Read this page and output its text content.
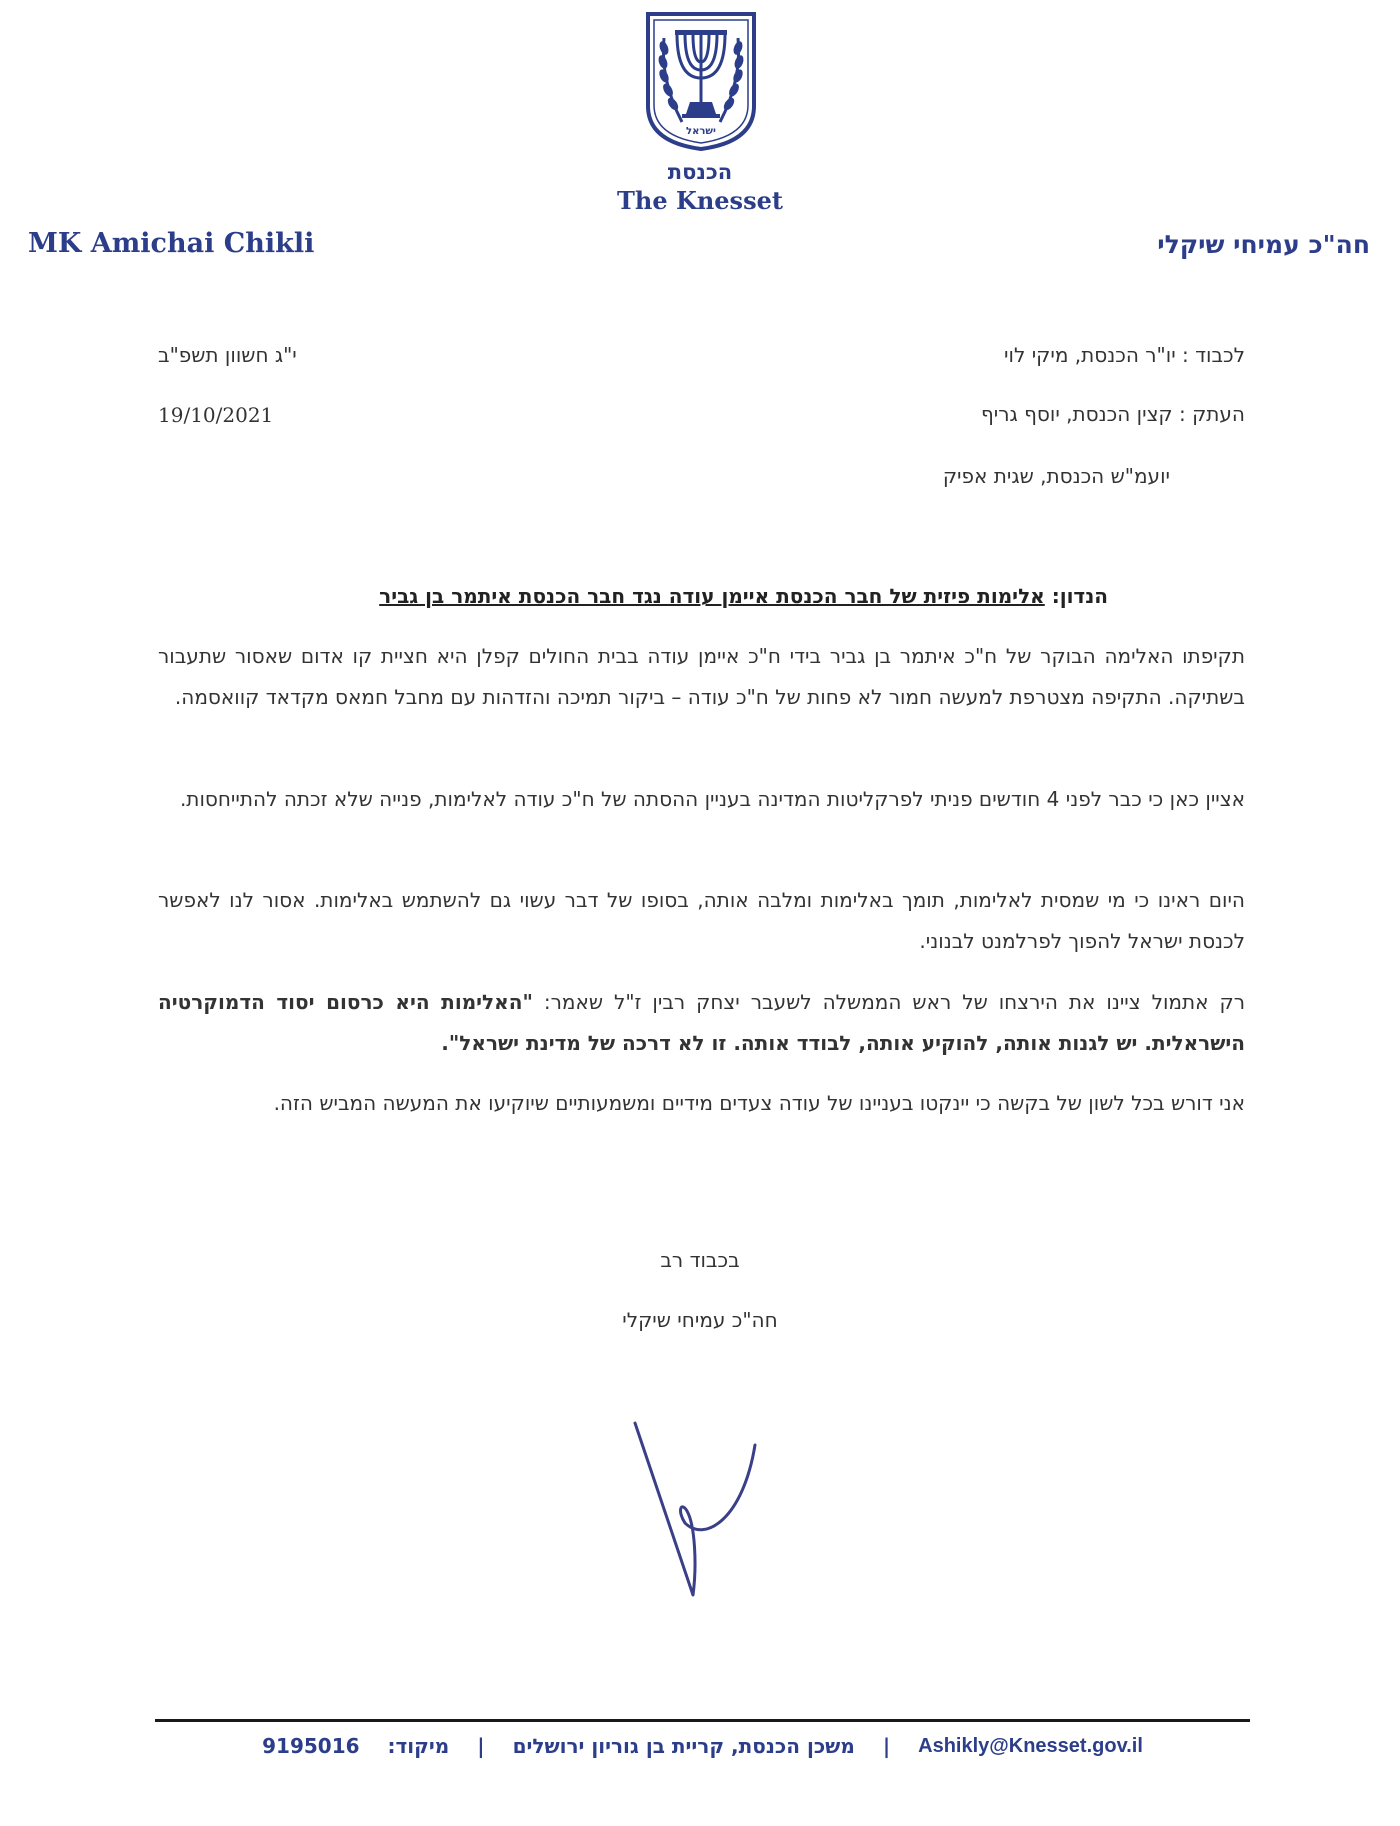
ישראל
הכנסת
The Knesset
MK Amichai Chikli	חה"כ עמיחי שיקלי
לכבוד : יו"ר הכנסת, מיקי לוי
העתק : קצין הכנסת, יוסף גריף
יועמ"ש הכנסת, שגית אפיק
י"ג חשוון תשפ"ב
19/10/2021
הנדון: אלימות פיזית של חבר הכנסת איימן עודה נגד חבר הכנסת איתמר בן גביר
תקיפתו האלימה הבוקר של ח"כ איתמר בן גביר בידי ח"כ איימן עודה בבית החולים קפלן היא חציית קו אדום שאסור שתעבור בשתיקה. התקיפה מצטרפת למעשה חמור לא פחות של ח"כ עודה – ביקור תמיכה והזדהות עם מחבל חמאס מקדאד קוואסמה.
אציין כאן כי כבר לפני 4 חודשים פניתי לפרקליטות המדינה בעניין ההסתה של ח"כ עודה לאלימות, פנייה שלא זכתה להתייחסות.
היום ראינו כי מי שמסית לאלימות, תומך באלימות ומלבה אותה, בסופו של דבר עשוי גם להשתמש באלימות. אסור לנו לאפשר לכנסת ישראל להפוך לפרלמנט לבנוני.
רק אתמול ציינו את הירצחו של ראש הממשלה לשעבר יצחק רבין ז"ל שאמר: "האלימות היא כרסום יסוד הדמוקרטיה הישראלית. יש לגנות אותה, להוקיע אותה, לבודד אותה. זו לא דרכה של מדינת ישראל".
אני דורש בכל לשון של בקשה כי יינקטו בעניינו של עודה צעדים מידיים ומשמעותיים שיוקיעו את המעשה המביש הזה.
בכבוד רב
חה"כ עמיחי שיקלי
Ashikly@Knesset.gov.il
|
משכן הכנסת, קריית בן גוריון ירושלים
|
מיקוד:
9195016
